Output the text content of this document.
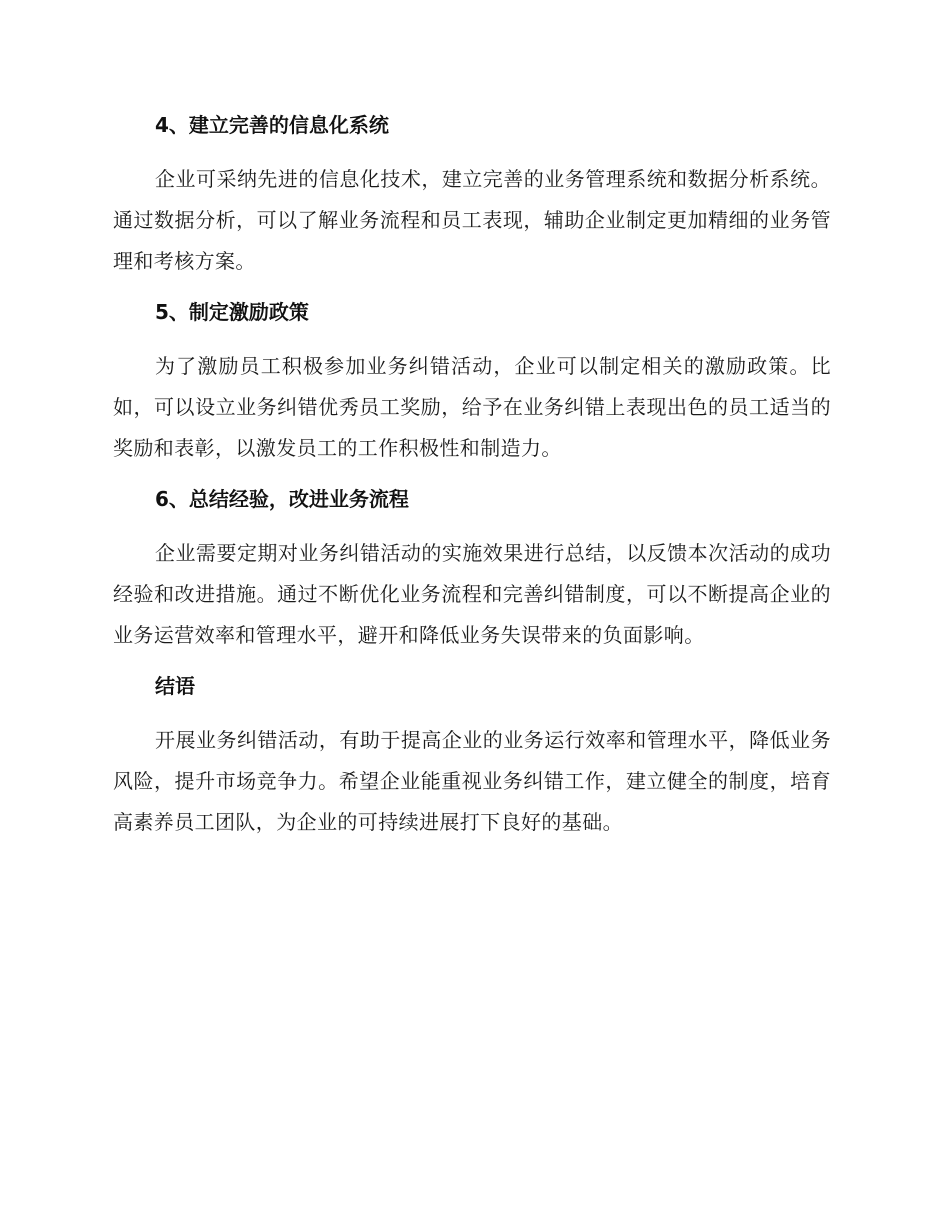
4、建立完善的信息化系统

企业可采纳先进的信息化技术，建立完善的业务管理系统和数据分析系统。通过数据分析，可以了解业务流程和员工表现，辅助企业制定更加精细的业务管理和考核方案。

5、制定激励政策

为了激励员工积极参加业务纠错活动，企业可以制定相关的激励政策。比如，可以设立业务纠错优秀员工奖励，给予在业务纠错上表现出色的员工适当的奖励和表彰，以激发员工的工作积极性和制造力。

6、总结经验，改进业务流程

企业需要定期对业务纠错活动的实施效果进行总结，以反馈本次活动的成功经验和改进措施。通过不断优化业务流程和完善纠错制度，可以不断提高企业的业务运营效率和管理水平，避开和降低业务失误带来的负面影响。

结语

开展业务纠错活动，有助于提高企业的业务运行效率和管理水平，降低业务风险，提升市场竞争力。希望企业能重视业务纠错工作，建立健全的制度，培育高素养员工团队，为企业的可持续进展打下良好的基础。
